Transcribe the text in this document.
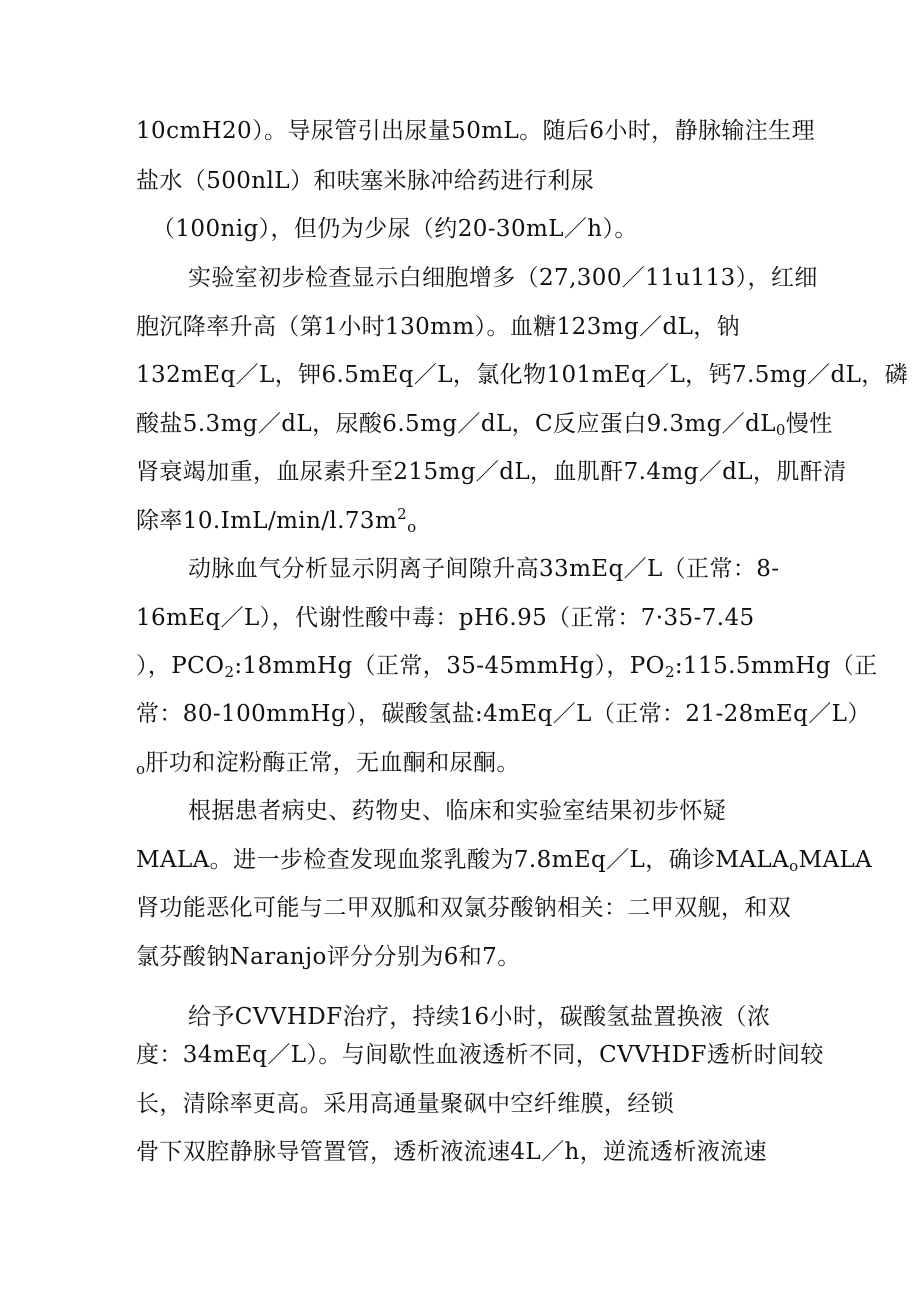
10cmH20）。导尿管引出尿量50mL。随后6小时，静脉输注生理
盐水（500nlL）和呋塞米脉冲给药进行利尿
（100nig），但仍为少尿（约20-30mL／h）。
实验室初步检查显示白细胞增多（27,300／11u113），红细
胞沉降率升高（第1小时130mm）。血糖123mg／dL，钠
132mEq／L，钾6.5mEq／L，氯化物101mEq／L，钙7.5mg／dL，磷
酸盐5.3mg／dL，尿酸6.5mg／dL，C反应蛋白$9.3mg/dL_0$慢性
肾衰竭加重，血尿素升至215mg／dL，血肌酐7.4mg／dL，肌酐清
除率$10.ImL/\min/l.73m^2_o$
动脉血气分析显示阴离子间隙升高33mEq／L（正常：8-
16mEq／L），代谢性酸中毒：pH6.95（正常：7·35-7.45
），$PCO_2:18mmHg$（正常，35-45mmHg），$PO_2:115.5mmHg$（正
常：80-100mmHg），碳酸氢盐:4mEq／L（正常：21-28mEq／L）
$_o$肝功和淀粉酶正常，无血酮和尿酮。
根据患者病史、药物史、临床和实验室结果初步怀疑
MALA。进一步检查发现血浆乳酸为7.8mEq／L，确诊$MALA_oMALA$
肾功能恶化可能与二甲双胍和双氯芬酸钠相关：二甲双舰，和双
氯芬酸钠Naranjo评分分别为6和7。
给予CVVHDF治疗，持续16小时，碳酸氢盐置换液（浓
度：34mEq／L）。与间歇性血液透析不同，CVVHDF透析时间较
长，清除率更高。采用高通量聚砜中空纤维膜，经锁
骨下双腔静脉导管置管，透析液流速4L／h，逆流透析液流速
